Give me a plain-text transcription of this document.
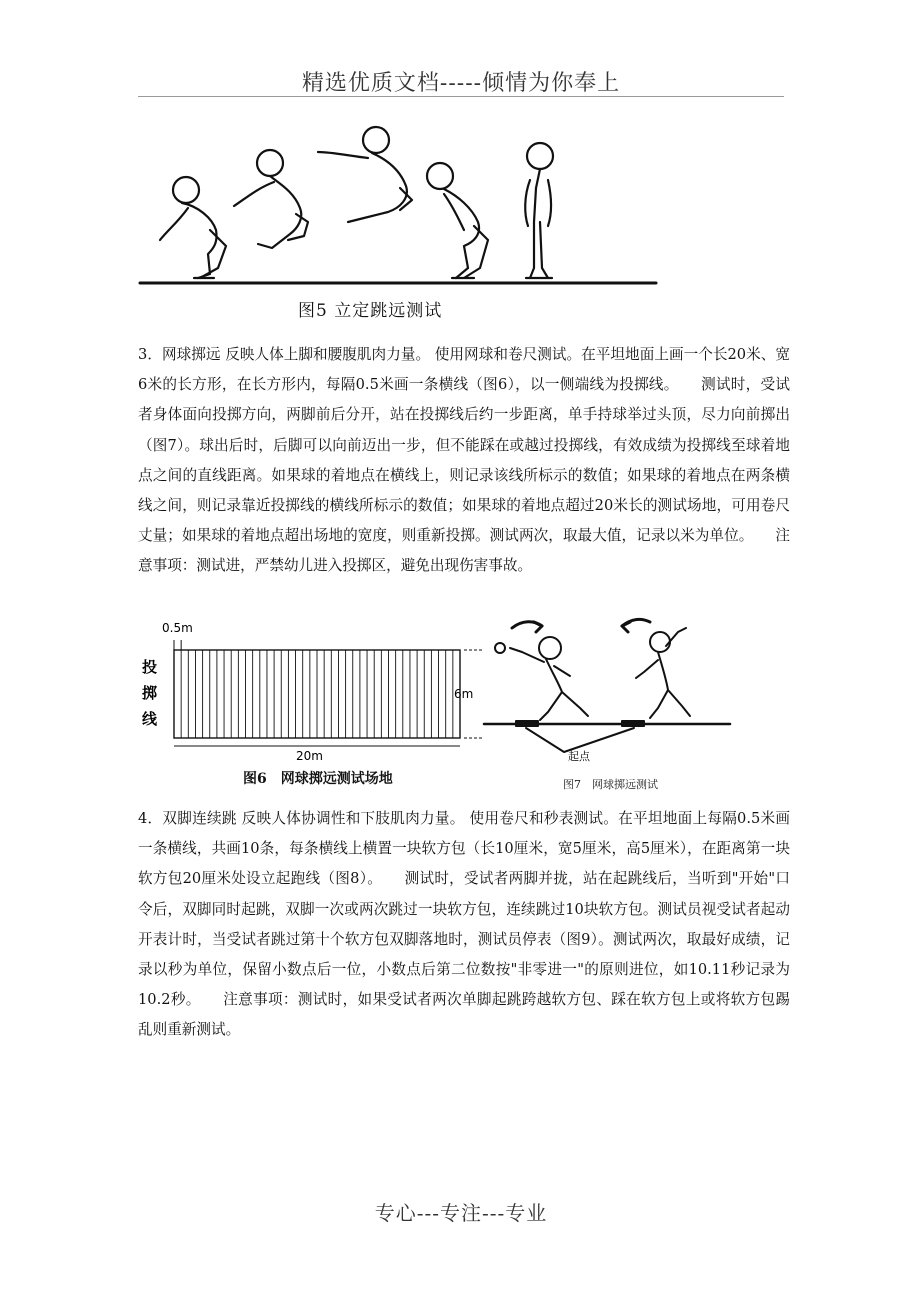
精选优质文档-----倾情为你奉上
图5 立定跳远测试

3．网球掷远 反映人体上脚和腰腹肌肉力量。 使用网球和卷尺测试。在平坦地面上画一个长20米、宽6米的长方形，在长方形内，每隔0.5米画一条横线（图6），以一侧端线为投掷线。　　测试时，受试者身体面向投掷方向，两脚前后分开，站在投掷线后约一步距离，单手持球举过头顶，尽力向前掷出（图7）。球出后时，后脚可以向前迈出一步，但不能踩在或越过投掷线，有效成绩为投掷线至球着地点之间的直线距离。如果球的着地点在横线上，则记录该线所标示的数值；如果球的着地点在两条横线之间，则记录靠近投掷线的横线所标示的数值；如果球的着地点超过20米长的测试场地，可用卷尺丈量；如果球的着地点超出场地的宽度，则重新投掷。测试两次，取最大值，记录以米为单位。　　注意事项：测试进，严禁幼儿进入投掷区，避免出现伤害事故。

0.5m
投
掷
线
6m
20m
图6　网球掷远测试场地
起点
图7　网球掷远测试

4．双脚连续跳 反映人体协调性和下肢肌肉力量。 使用卷尺和秒表测试。在平坦地面上每隔0.5米画一条横线，共画10条，每条横线上横置一块软方包（长10厘米，宽5厘米，高5厘米），在距离第一块软方包20厘米处设立起跑线（图8）。　　测试时，受试者两脚并拢，站在起跳线后，当听到"开始"口令后，双脚同时起跳，双脚一次或两次跳过一块软方包，连续跳过10块软方包。测试员视受试者起动开表计时，当受试者跳过第十个软方包双脚落地时，测试员停表（图9）。测试两次，取最好成绩，记录以秒为单位，保留小数点后一位，小数点后第二位数按"非零进一"的原则进位，如10.11秒记录为10.2秒。　　注意事项：测试时，如果受试者两次单脚起跳跨越软方包、踩在软方包上或将软方包踢乱则重新测试。

专心---专注---专业
